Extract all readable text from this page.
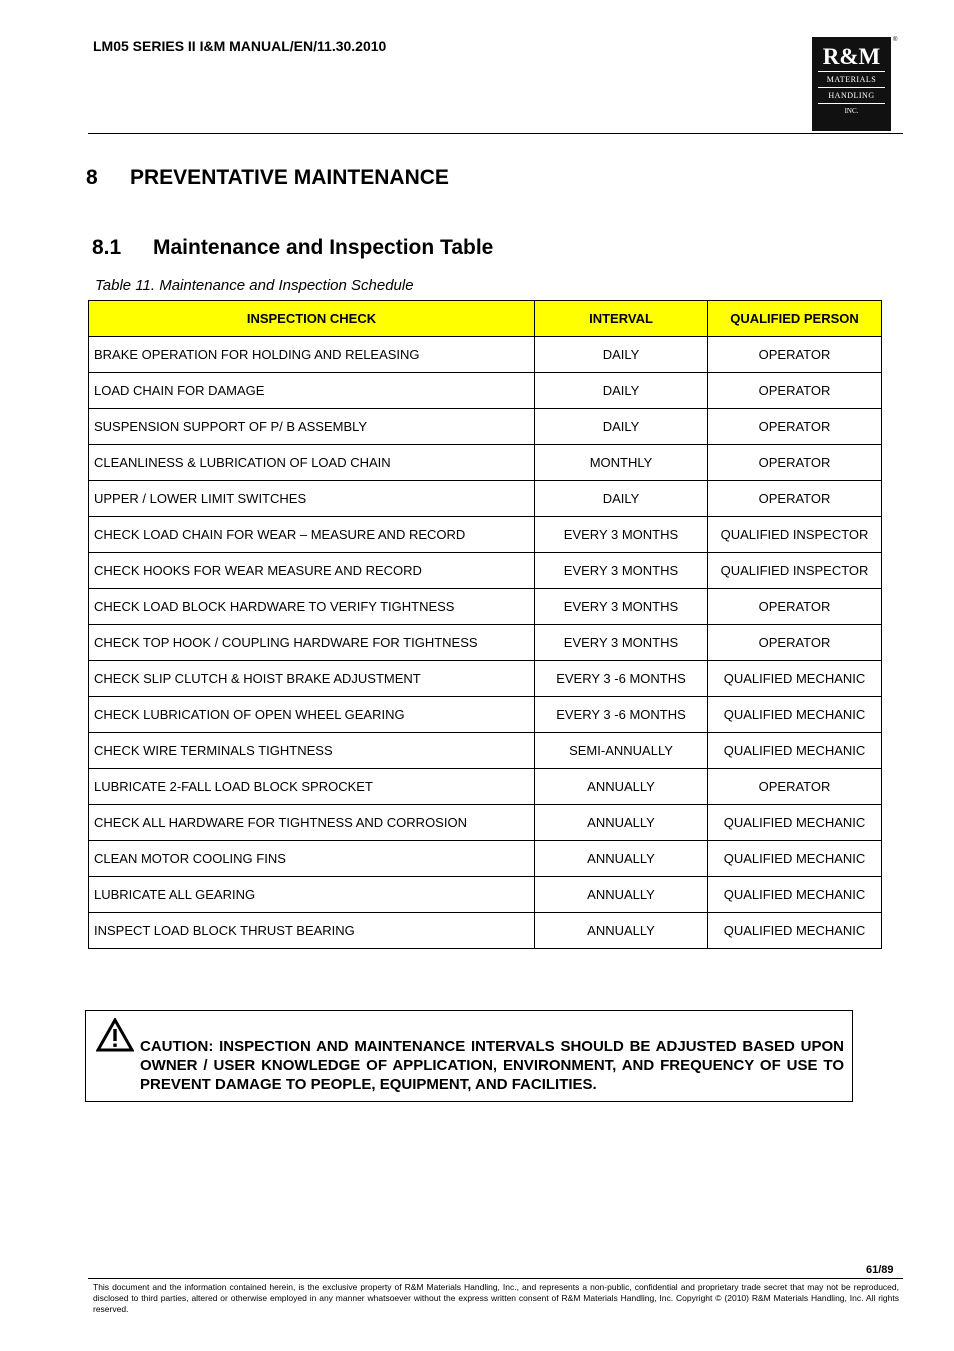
LM05 SERIES II I&M MANUAL/EN/11.30.2010	R&M
MATERIALS
HANDLING
INC.
®
8 PREVENTATIVE MAINTENANCE
8.1 Maintenance and Inspection Table
Table 11. Maintenance and Inspection Schedule
INSPECTION CHECK	INTERVAL	QUALIFIED PERSON
BRAKE OPERATION FOR HOLDING AND RELEASING	DAILY	OPERATOR
LOAD CHAIN FOR DAMAGE	DAILY	OPERATOR
SUSPENSION SUPPORT OF P/ B ASSEMBLY	DAILY	OPERATOR
CLEANLINESS & LUBRICATION OF LOAD CHAIN	MONTHLY	OPERATOR
UPPER / LOWER LIMIT SWITCHES	DAILY	OPERATOR
CHECK LOAD CHAIN FOR WEAR – MEASURE AND RECORD	EVERY 3 MONTHS	QUALIFIED INSPECTOR
CHECK HOOKS FOR WEAR MEASURE AND RECORD	EVERY 3 MONTHS	QUALIFIED INSPECTOR
CHECK LOAD BLOCK HARDWARE TO VERIFY TIGHTNESS	EVERY 3 MONTHS	OPERATOR
CHECK TOP HOOK / COUPLING HARDWARE FOR TIGHTNESS	EVERY 3 MONTHS	OPERATOR
CHECK SLIP CLUTCH & HOIST BRAKE ADJUSTMENT	EVERY 3 -6 MONTHS	QUALIFIED MECHANIC
CHECK LUBRICATION OF OPEN WHEEL GEARING	EVERY 3 -6 MONTHS	QUALIFIED MECHANIC
CHECK WIRE TERMINALS TIGHTNESS	SEMI-ANNUALLY	QUALIFIED MECHANIC
LUBRICATE 2-FALL LOAD BLOCK SPROCKET	ANNUALLY	OPERATOR
CHECK ALL HARDWARE FOR TIGHTNESS AND CORROSION	ANNUALLY	QUALIFIED MECHANIC
CLEAN MOTOR COOLING FINS	ANNUALLY	QUALIFIED MECHANIC
LUBRICATE ALL GEARING	ANNUALLY	QUALIFIED MECHANIC
INSPECT LOAD BLOCK THRUST BEARING	ANNUALLY	QUALIFIED MECHANIC
CAUTION: INSPECTION AND MAINTENANCE INTERVALS SHOULD BE ADJUSTED BASED UPON OWNER / USER KNOWLEDGE OF APPLICATION, ENVIRONMENT, AND FREQUENCY OF USE TO PREVENT DAMAGE TO PEOPLE, EQUIPMENT, AND FACILITIES.
61/89
This document and the information contained herein, is the exclusive property of R&M Materials Handling, Inc., and represents a non-public, confidential and proprietary trade secret that may not be reproduced, disclosed to third parties, altered or otherwise employed in any manner whatsoever without the express written consent of R&M Materials Handling, Inc. Copyright © (2010) R&M Materials Handling, Inc. All rights reserved.
